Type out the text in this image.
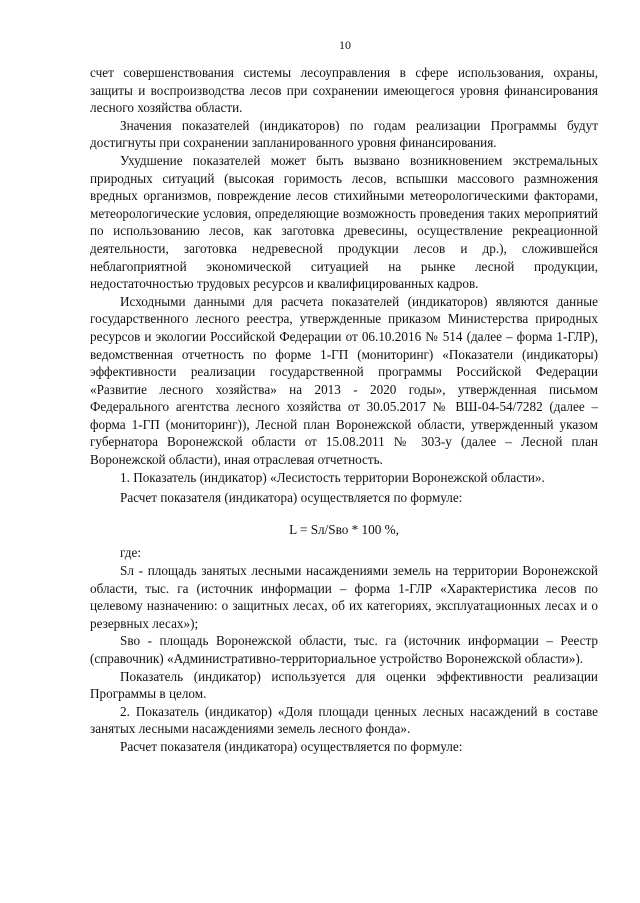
10

счет совершенствования системы лесоуправления в сфере использования, охраны, защиты и воспроизводства лесов при сохранении имеющегося уровня финансирования лесного хозяйства области.

Значения показателей (индикаторов) по годам реализации Программы будут достигнуты при сохранении запланированного уровня финансирования.

Ухудшение показателей может быть вызвано возникновением экстремальных природных ситуаций (высокая горимость лесов, вспышки массового размножения вредных организмов, повреждение лесов стихийными метеорологическими факторами, метеорологические условия, определяющие возможность проведения таких мероприятий по использованию лесов, как заготовка древесины, осуществление рекреационной деятельности, заготовка недревесной продукции лесов и др.), сложившейся неблагоприятной экономической ситуацией на рынке лесной продукции, недостаточностью трудовых ресурсов и квалифицированных кадров.

Исходными данными для расчета показателей (индикаторов) являются данные государственного лесного реестра, утвержденные приказом Министерства природных ресурсов и экологии Российской Федерации от 06.10.2016 № 514 (далее – форма 1-ГЛР), ведомственная отчетность по форме 1-ГП (мониторинг) «Показатели (индикаторы) эффективности реализации государственной программы Российской Федерации «Развитие лесного хозяйства» на 2013 - 2020 годы», утвержденная письмом Федерального агентства лесного хозяйства от 30.05.2017 № ВШ-04-54/7282 (далее – форма 1-ГП (мониторинг)), Лесной план Воронежской области, утвержденный указом губернатора Воронежской области от 15.08.2011 № 303-у (далее – Лесной план Воронежской области), иная отраслевая отчетность.

1. Показатель (индикатор) «Лесистость территории Воронежской области».

Расчет показателя (индикатора) осуществляется по формуле:

L = Sл/Sво * 100 %,

где:

Sл - площадь занятых лесными насаждениями земель на территории Воронежской области, тыс. га (источник информации – форма 1-ГЛР «Характеристика лесов по целевому назначению: о защитных лесах, об их категориях, эксплуатационных лесах и о резервных лесах»);

Sво - площадь Воронежской области, тыс. га (источник информации – Реестр (справочник) «Административно-территориальное устройство Воронежской области»).

Показатель (индикатор) используется для оценки эффективности реализации Программы в целом.

2. Показатель (индикатор) «Доля площади ценных лесных насаждений в составе занятых лесными насаждениями земель лесного фонда».

Расчет показателя (индикатора) осуществляется по формуле:
